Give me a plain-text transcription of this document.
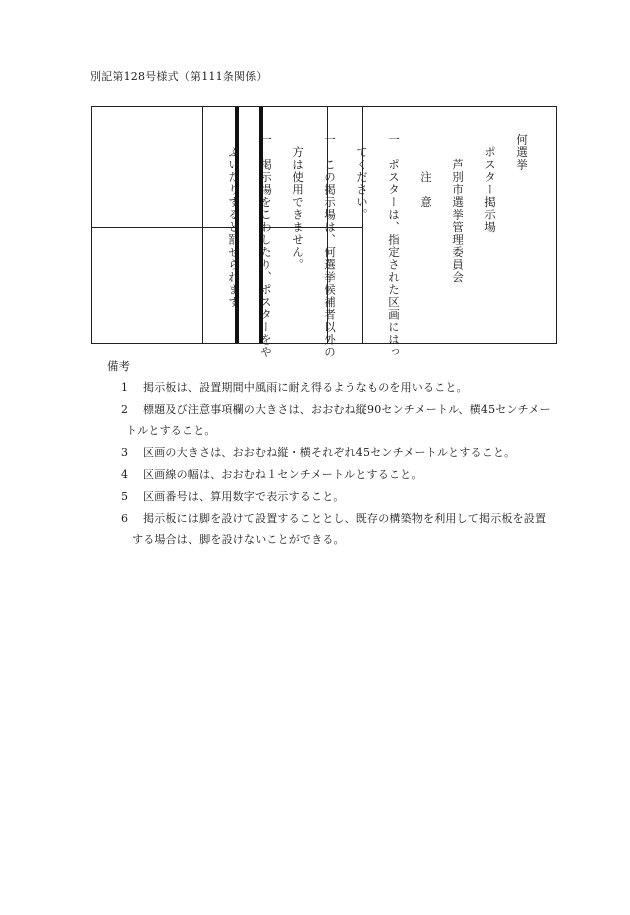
別記第128号様式（第111条関係）

何選挙

　ポスター掲示場

　　芦別市選挙管理委員会

　　　注　意

一　ポスターは、指定された区画にはっ

　てください。

一　この掲示場は、何選挙候補者以外の

　方は使用できません。

一　掲示場をこわしたり、ポスターをや

　ぶいたりすると罰せられます。

備考
1 掲示板は、設置期間中風雨に耐え得るようなものを用いること。
2 標題及び注意事項欄の大きさは、おおむね縦90センチメートル、横45センチメー
トルとすること。
3 区画の大きさは、おおむね縦・横それぞれ45センチメートルとすること。
4 区画線の幅は、おおむね１センチメートルとすること。
5 区画番号は、算用数字で表示すること。
6 掲示板には脚を設けて設置することとし、既存の構築物を利用して掲示板を設置
する場合は、脚を設けないことができる。
